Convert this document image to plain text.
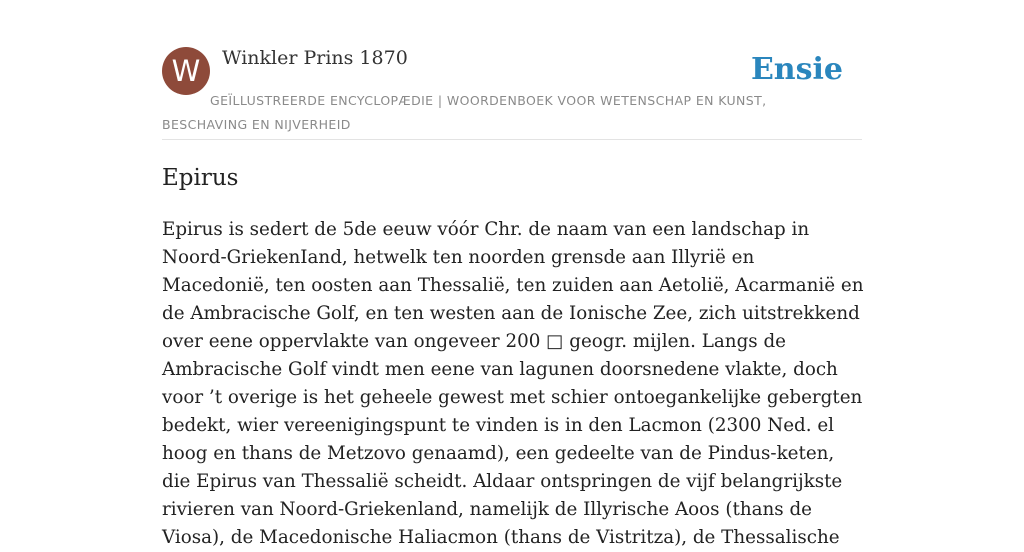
W	Winkler Prins 1870	Ensie
GEÏLLUSTREERDE ENCYCLOPÆDIE | WOORDENBOEK VOOR WETENSCHAP EN KUNST, BESCHAVING EN NIJVERHEID
Epirus

Epirus is sedert de 5de eeuw vóór Chr. de naam van een landschap in Noord-GriekenIand, hetwelk ten noorden grensde aan Illyrië en Macedonië, ten oosten aan Thessalië, ten zuiden aan Aetolië, Acarmanië en de Ambracische Golf, en ten westen aan de Ionische Zee, zich uitstrekkend over eene oppervlakte van ongeveer 200 □ geogr. mijlen. Langs de Ambracische Golf vindt men eene van lagunen doorsnedene vlakte, doch voor ’t overige is het geheele gewest met schier ontoegankelijke gebergten bedekt, wier vereenigingspunt te vinden is in den Lacmon (2300 Ned. el hoog en thans de Metzovo genaamd), een gedeelte van de Pindus-keten, die Epirus van Thessalië scheidt. Aldaar ontspringen de vijf belangrijkste rivieren van Noord-Griekenland, namelijk de Illyrische Aoos (thans de Viosa), de Macedonische Haliacmon (thans de Vistritza), de Thessalische
